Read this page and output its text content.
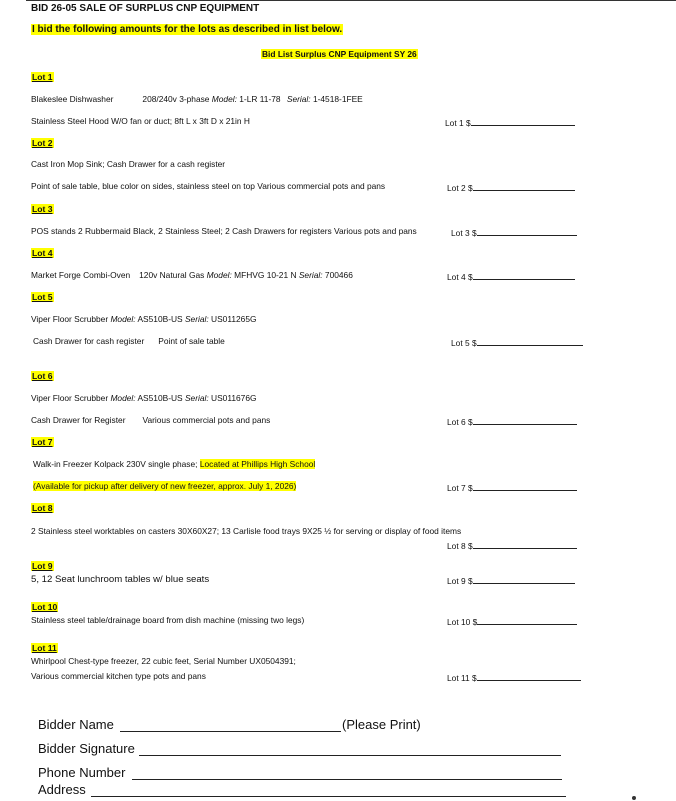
BID 26-05 SALE OF SURPLUS CNP EQUIPMENT
I bid the following amounts for the lots as described in list below.
Bid List Surplus CNP Equipment SY 26
Lot 1
Blakeslee Dishwasher	208/240v 3-phase Model: 1-LR 11-78 Serial: 1-4518-1FEE
Stainless Steel Hood W/O fan or duct; 8ft L x 3ft D x 21in H	Lot 1 $
Lot 2
Cast Iron Mop Sink; Cash Drawer for a cash register
Point of sale table, blue color on sides, stainless steel on top Various commercial pots and pans	Lot 2 $
Lot 3
POS stands 2 Rubbermaid Black, 2 Stainless Steel; 2 Cash Drawers for registers Various pots and pans	Lot 3 $
Lot 4
Market Forge Combi-Oven 120v Natural Gas Model: MFHVG 10-21 N Serial: 700466	Lot 4 $
Lot 5
Viper Floor Scrubber Model: AS510B-US Serial: US011265G
Cash Drawer for cash register Point of sale table	Lot 5 $
Lot 6
Viper Floor Scrubber Model: AS510B-US Serial: US011676G
Cash Drawer for Register Various commercial pots and pans	Lot 6 $
Lot 7
Walk-in Freezer Kolpack 230V single phase; Located at Phillips High School
(Available for pickup after delivery of new freezer, approx. July 1, 2026)	Lot 7 $
Lot 8
2 Stainless steel worktables on casters 30X60X27; 13 Carlisle food trays 9X25 ½ for serving or display of food items
Lot 8 $
Lot 9
5, 12 Seat lunchroom tables w/ blue seats	Lot 9 $
Lot 10
Stainless steel table/drainage board from dish machine (missing two legs)	Lot 10 $
Lot 11
Whirlpool Chest-type freezer, 22 cubic feet, Serial Number UX0504391;
Various commercial kitchen type pots and pans	Lot 11 $
Bidder Name	(Please Print)
Bidder Signature
Phone Number
Address
